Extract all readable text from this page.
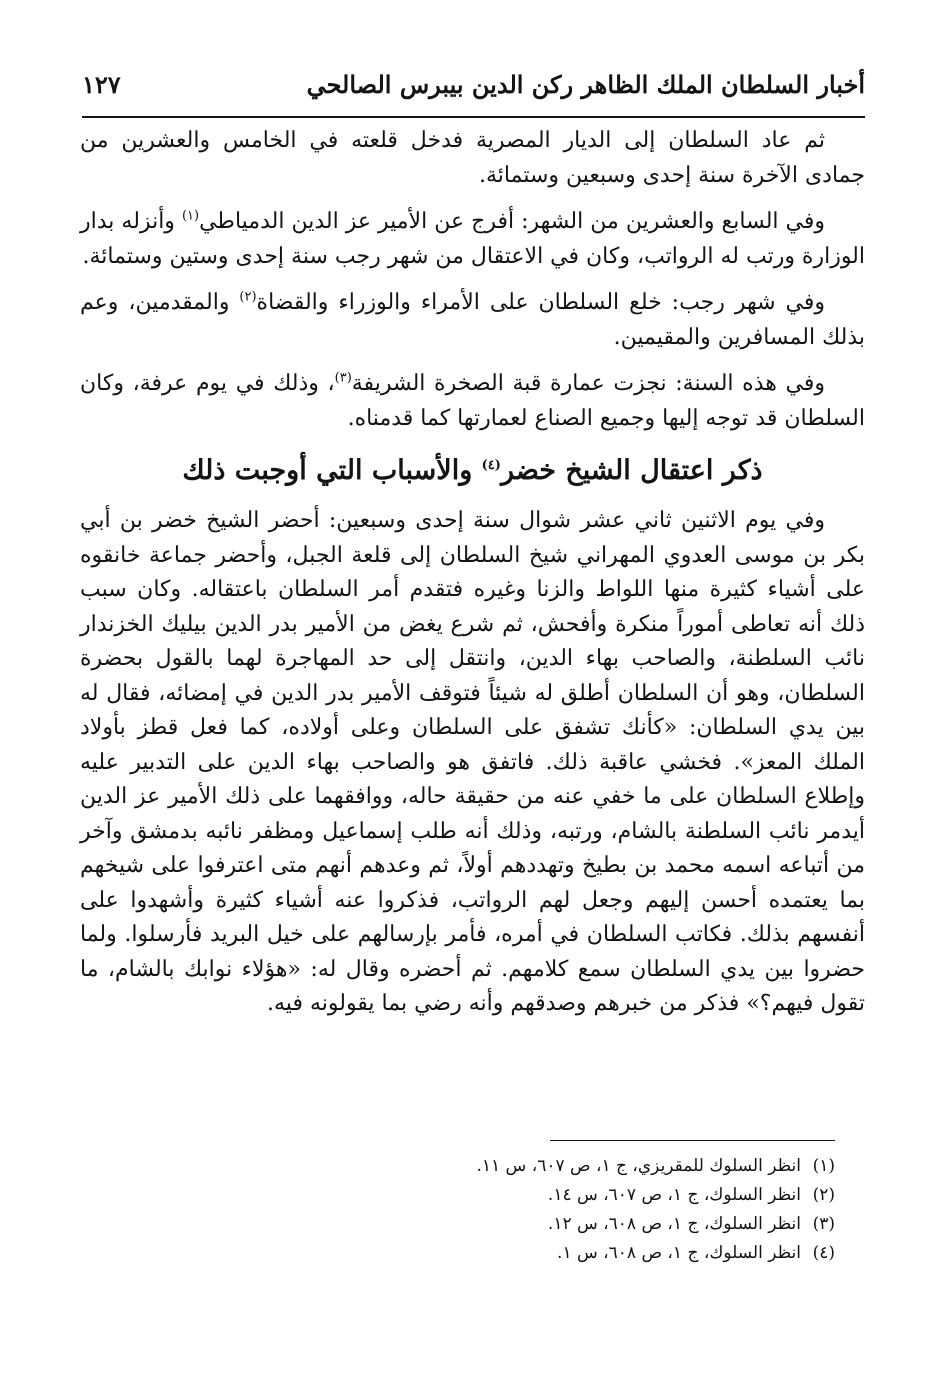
أخبار السلطان الملك الظاهر ركن الدين بيبرس الصالحي
١٢٧

ثم عاد السلطان إلى الديار المصرية فدخل قلعته في الخامس والعشرين من جمادى الآخرة سنة إحدى وسبعين وستمائة.

وفي السابع والعشرين من الشهر: أفرج عن الأمير عز الدين الدمياطي$^{(١)}$ وأنزله بدار الوزارة ورتب له الرواتب، وكان في الاعتقال من شهر رجب سنة إحدى وستين وستمائة.

وفي شهر رجب: خلع السلطان على الأمراء والوزراء والقضاة$^{(٢)}$ والمقدمين، وعم بذلك المسافرين والمقيمين.

وفي هذه السنة: نجزت عمارة قبة الصخرة الشريفة$^{(٣)}$، وذلك في يوم عرفة، وكان السلطان قد توجه إليها وجميع الصناع لعمارتها كما قدمناه.

ذكر اعتقال الشيخ خضر$^{(٤)}$ والأسباب التي أوجبت ذلك

وفي يوم الاثنين ثاني عشر شوال سنة إحدى وسبعين: أحضر الشيخ خضر بن أبي بكر بن موسى العدوي المهراني شيخ السلطان إلى قلعة الجبل، وأحضر جماعة خانقوه على أشياء كثيرة منها اللواط والزنا وغيره فتقدم أمر السلطان باعتقاله. وكان سبب ذلك أنه تعاطى أموراً منكرة وأفحش، ثم شرع يغض من الأمير بدر الدين بيليك الخزندار نائب السلطنة، والصاحب بهاء الدين، وانتقل إلى حد المهاجرة لهما بالقول بحضرة السلطان، وهو أن السلطان أطلق له شيئاً فتوقف الأمير بدر الدين في إمضائه، فقال له بين يدي السلطان: «كأنك تشفق على السلطان وعلى أولاده، كما فعل قطز بأولاد الملك المعز». فخشي عاقبة ذلك. فاتفق هو والصاحب بهاء الدين على التدبير عليه وإطلاع السلطان على ما خفي عنه من حقيقة حاله، ووافقهما على ذلك الأمير عز الدين أيدمر نائب السلطنة بالشام، ورتبه، وذلك أنه طلب إسماعيل ومظفر نائبه بدمشق وآخر من أتباعه اسمه محمد بن بطيخ وتهددهم أولاً، ثم وعدهم أنهم متى اعترفوا على شيخهم بما يعتمده أحسن إليهم وجعل لهم الرواتب، فذكروا عنه أشياء كثيرة وأشهدوا على أنفسهم بذلك. فكاتب السلطان في أمره، فأمر بإرسالهم على خيل البريد فأرسلوا. ولما حضروا بين يدي السلطان سمع كلامهم. ثم أحضره وقال له: «هؤلاء نوابك بالشام، ما تقول فيهم؟» فذكر من خبرهم وصدقهم وأنه رضي بما يقولونه فيه.

(١)انظر السلوك للمقريزي، ج ١، ص ٦٠٧، س ١١.
(٢)انظر السلوك، ج ١، ص ٦٠٧، س ١٤.
(٣)انظر السلوك، ج ١، ص ٦٠٨، س ١٢.
(٤)انظر السلوك، ج ١، ص ٦٠٨، س ١.
